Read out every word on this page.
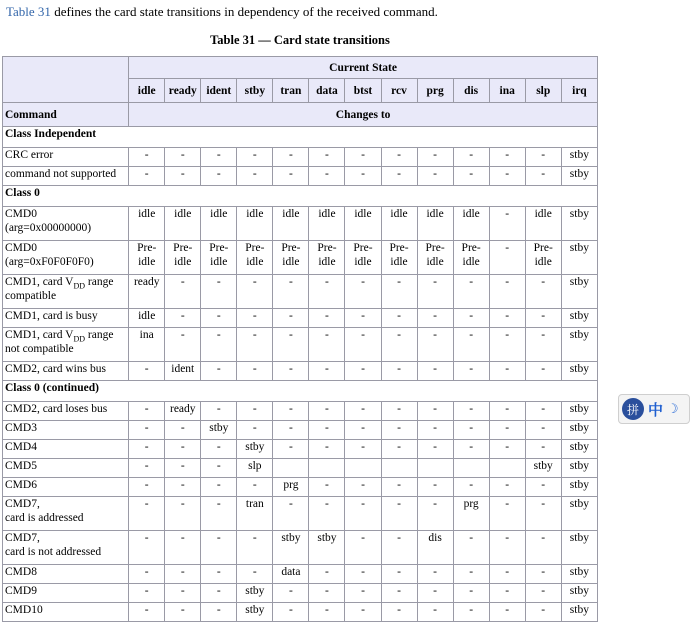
Table 31 defines the card state transitions in dependency of the received command.
Table 31 — Card state transitions
	Current State												
	idle	ready	ident	stby	tran	data	btst	rcv	prg	dis	ina	slp	irq
Command	Changes to												
Class Independent													
CRC error	-	-	-	-	-	-	-	-	-	-	-	-	stby
command not supported	-	-	-	-	-	-	-	-	-	-	-	-	stby
Class 0													
CMD0
(arg=0x00000000)	idle	idle	idle	idle	idle	idle	idle	idle	idle	idle	-	idle	stby
CMD0
(arg=0xF0F0F0F0)	Pre-
idle	Pre-
idle	Pre-
idle	Pre-
idle	Pre-
idle	Pre-
idle	Pre-
idle	Pre-
idle	Pre-
idle	Pre-
idle	-	Pre-
idle	stby
CMD1, card $V_{DD}$ range
compatible	ready	-	-	-	-	-	-	-	-	-	-	-	stby
CMD1, card is busy	idle	-	-	-	-	-	-	-	-	-	-	-	stby
CMD1, card $V_{DD}$ range
not compatible	ina	-	-	-	-	-	-	-	-	-	-	-	stby
CMD2, card wins bus	-	ident	-	-	-	-	-	-	-	-	-	-	stby
Class 0 (continued)													
CMD2, card loses bus	-	ready	-	-	-	-	-	-	-	-	-	-	stby
CMD3	-	-	stby	-	-	-	-	-	-	-	-	-	stby
CMD4	-	-	-	stby	-	-	-	-	-	-	-	-	stby
CMD5	-	-	-	slp								stby	stby
CMD6	-	-	-	-	prg	-	-	-	-	-	-	-	stby
CMD7,
card is addressed	-	-	-	tran	-	-	-	-	-	prg	-	-	stby
CMD7,
card is not addressed	-	-	-	-	stby	stby	-	-	dis	-	-	-	stby
CMD8	-	-	-	-	data	-	-	-	-	-	-	-	stby
CMD9	-	-	-	stby	-	-	-	-	-	-	-	-	stby
CMD10	-	-	-	stby	-	-	-	-	-	-	-	-	stby
拼 中 ☽
